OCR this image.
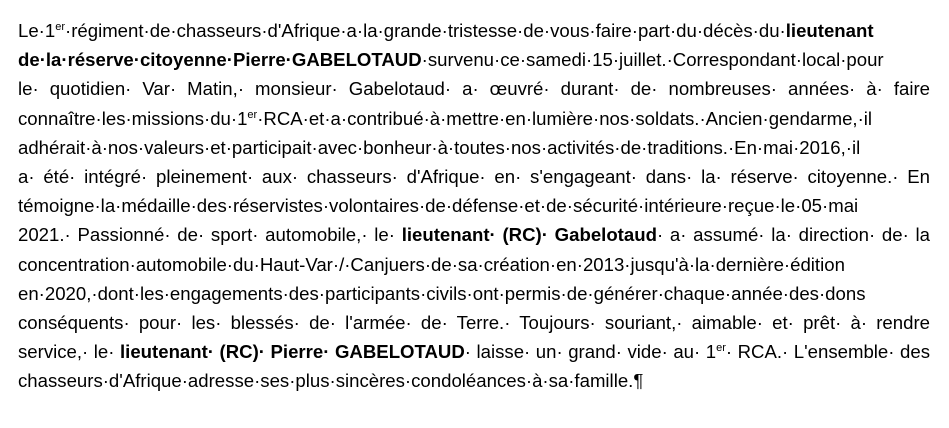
Le·1er·régiment·de·chasseurs·d'Afrique·a·la·grande·tristesse·de·vous·faire·part·du·décès·du·lieutenant
de·la·réserve·citoyenne·Pierre·GABELOTAUD·survenu·ce·samedi·15·juillet.·Correspondant·local·pour
le· quotidien· Var· Matin,· monsieur· Gabelotaud· a· œuvré· durant· de· nombreuses· années· à· faire
connaître·les·missions·du·1er·RCA·et·a·contribué·à·mettre·en·lumière·nos·soldats.·Ancien·gendarme,·il
adhérait·à·nos·valeurs·et·participait·avec·bonheur·à·toutes·nos·activités·de·traditions.·En·mai·2016,·il
a· été· intégré· pleinement· aux· chasseurs· d'Afrique· en· s'engageant· dans· la· réserve· citoyenne.· En
témoigne·la·médaille·des·réservistes·volontaires·de·défense·et·de·sécurité·intérieure·reçue·le·05·mai
2021.· Passionné· de· sport· automobile,· le· lieutenant· (RC)· Gabelotaud· a· assumé· la· direction· de· la
concentration·automobile·du·Haut-Var·/·Canjuers·de·sa·création·en·2013·jusqu'à·la·dernière·édition
en·2020,·dont·les·engagements·des·participants·civils·ont·permis·de·générer·chaque·année·des·dons
conséquents· pour· les· blessés· de· l'armée· de· Terre.· Toujours· souriant,· aimable· et· prêt· à· rendre
service,· le· lieutenant· (RC)· Pierre· GABELOTAUD· laisse· un· grand· vide· au· 1er· RCA.· L'ensemble· des
chasseurs·d'Afrique·adresse·ses·plus·sincères·condoléances·à·sa·famille.¶
